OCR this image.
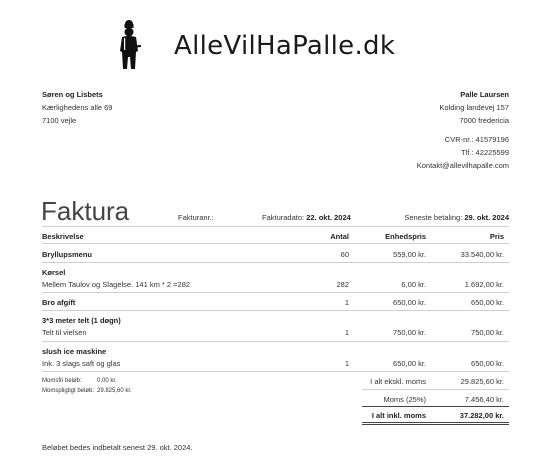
AlleVilHaPalle.dk
Søren og Lisbets
Kærlighedens alle 69
7100 vejle
Palle Laursen
Kolding landevej 157
7000 fredericia
CVR-nr.: 41579196
Tlf.: 42225599
Kontakt@allevilhapalle.com
Faktura	Fakturanr.:	Fakturadato: 22. okt. 2024	Seneste betaling: 29. okt. 2024
Beskrivelse	Antal	Enhedspris	Pris
Bryllupsmenu	60	559,00 kr.	33.540,00 kr.
Kørsel
Mellem Taulov og Slagelse. 141 km * 2 =282	282	6,00 kr.	1.692,00 kr.
Bro afgift	1	650,00 kr.	650,00 kr.
3*3 meter telt (1 døgn)
Telt til vielsen	1	750,00 kr.	750,00 kr.
slush ice maskine
Ink. 3 slags saft og glas	1	650,00 kr.	650,00 kr.
Momsfri beløb:	0,00 kr.
Momspligtigt beløb: 29.825,60 kr.
I alt ekskl. moms	29.825,60 kr.
Moms (25%)	7.456,40 kr.
I alt inkl. moms	37.282,00 kr.
Beløbet bedes indbetalt senest 29. okt. 2024.
